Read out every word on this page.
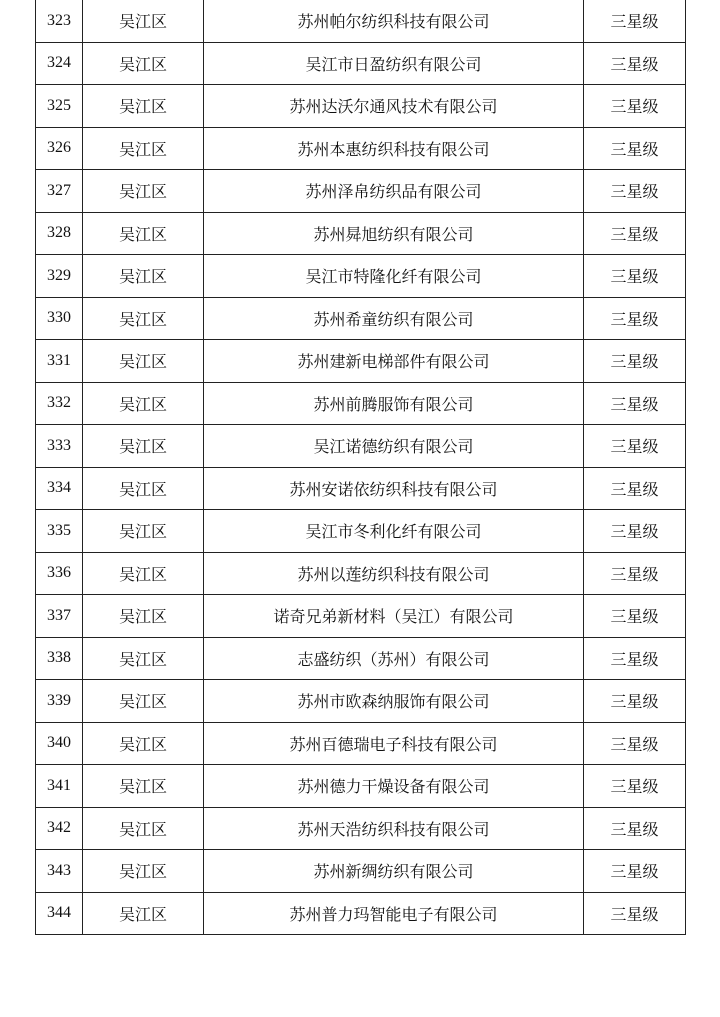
323	吴江区	苏州帕尔纺织科技有限公司	三星级
324	吴江区	吴江市日盈纺织有限公司	三星级
325	吴江区	苏州达沃尔通风技术有限公司	三星级
326	吴江区	苏州本惠纺织科技有限公司	三星级
327	吴江区	苏州泽帛纺织品有限公司	三星级
328	吴江区	苏州曻旭纺织有限公司	三星级
329	吴江区	吴江市特隆化纤有限公司	三星级
330	吴江区	苏州希童纺织有限公司	三星级
331	吴江区	苏州建新电梯部件有限公司	三星级
332	吴江区	苏州前腾服饰有限公司	三星级
333	吴江区	吴江诺德纺织有限公司	三星级
334	吴江区	苏州安诺依纺织科技有限公司	三星级
335	吴江区	吴江市冬利化纤有限公司	三星级
336	吴江区	苏州以莲纺织科技有限公司	三星级
337	吴江区	诺奇兄弟新材料（吴江）有限公司	三星级
338	吴江区	志盛纺织（苏州）有限公司	三星级
339	吴江区	苏州市欧森纳服饰有限公司	三星级
340	吴江区	苏州百德瑞电子科技有限公司	三星级
341	吴江区	苏州德力干燥设备有限公司	三星级
342	吴江区	苏州天浩纺织科技有限公司	三星级
343	吴江区	苏州新绸纺织有限公司	三星级
344	吴江区	苏州普力玛智能电子有限公司	三星级
